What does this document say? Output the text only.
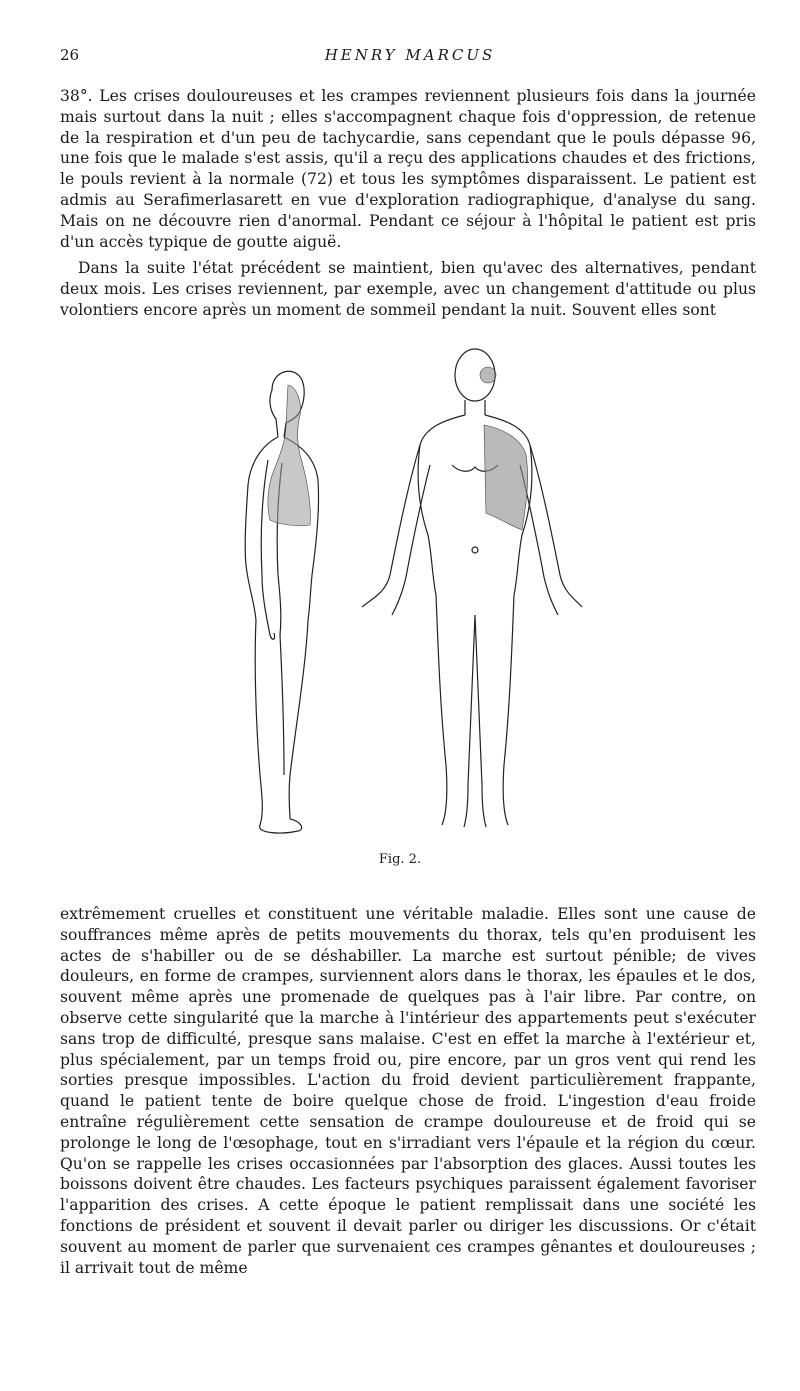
26	HENRY MARCUS

38°. Les crises douloureuses et les crampes reviennent plusieurs fois dans la journée mais surtout dans la nuit ; elles s'accompagnent chaque fois d'oppression, de retenue de la respiration et d'un peu de tachycardie, sans cependant que le pouls dépasse 96, une fois que le malade s'est assis, qu'il a reçu des applications chaudes et des frictions, le pouls revient à la normale (72) et tous les symptômes disparaissent. Le patient est admis au Serafimerlasarett en vue d'exploration radiographique, d'analyse du sang. Mais on ne découvre rien d'anormal. Pendant ce séjour à l'hôpital le patient est pris d'un accès typique de goutte aiguë.

Dans la suite l'état précédent se maintient, bien qu'avec des alternatives, pendant deux mois. Les crises reviennent, par exemple, avec un changement d'attitude ou plus volontiers encore après un moment de sommeil pendant la nuit. Souvent elles sont

Fig. 2.

extrêmement cruelles et constituent une véritable maladie. Elles sont une cause de souffrances même après de petits mouvements du thorax, tels qu'en produisent les actes de s'habiller ou de se déshabiller. La marche est surtout pénible; de vives douleurs, en forme de crampes, surviennent alors dans le thorax, les épaules et le dos, souvent même après une promenade de quelques pas à l'air libre. Par contre, on observe cette singularité que la marche à l'intérieur des appartements peut s'exécuter sans trop de difficulté, presque sans malaise. C'est en effet la marche à l'extérieur et, plus spécialement, par un temps froid ou, pire encore, par un gros vent qui rend les sorties presque impossibles. L'action du froid devient particulièrement frappante, quand le patient tente de boire quelque chose de froid. L'ingestion d'eau froide entraîne régulièrement cette sensation de crampe douloureuse et de froid qui se prolonge le long de l'œsophage, tout en s'irradiant vers l'épaule et la région du cœur. Qu'on se rappelle les crises occasionnées par l'absorption des glaces. Aussi toutes les boissons doivent être chaudes. Les facteurs psychiques paraissent également favoriser l'apparition des crises. A cette époque le patient remplissait dans une société les fonctions de président et souvent il devait parler ou diriger les discussions. Or c'était souvent au moment de parler que survenaient ces crampes gênantes et douloureuses ; il arrivait tout de même
